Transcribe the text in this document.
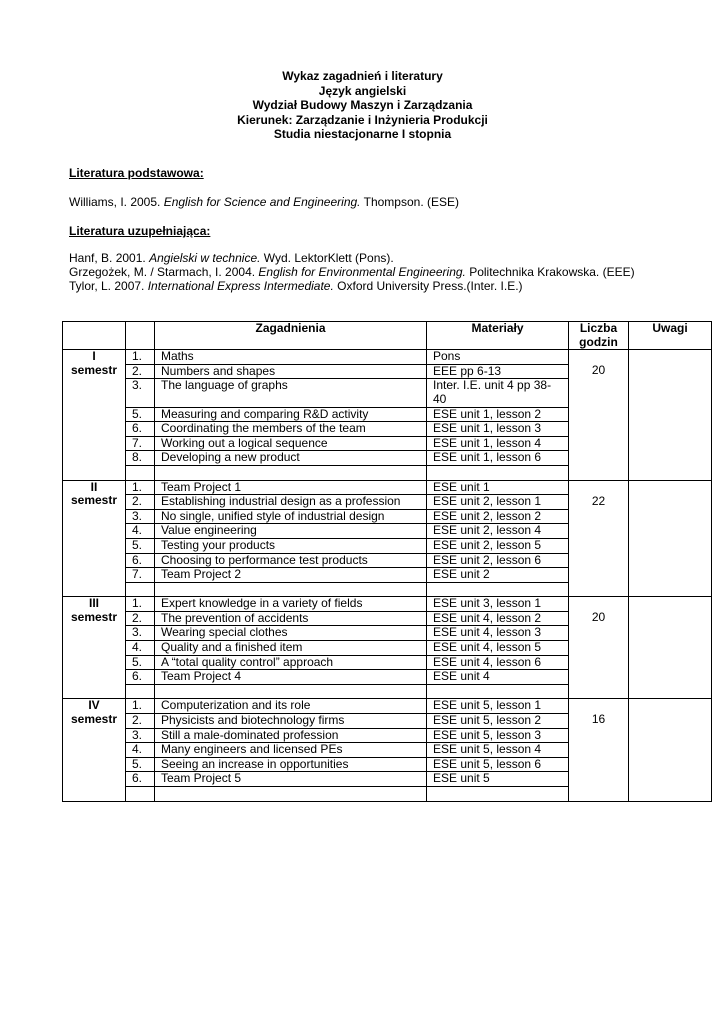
Wykaz zagadnień i literatury
Język angielski
Wydział Budowy Maszyn i Zarządzania
Kierunek: Zarządzanie i Inżynieria Produkcji
Studia niestacjonarne I stopnia
Literatura podstawowa:
Williams, I. 2005. English for Science and Engineering. Thompson. (ESE)
Literatura uzupełniająca:
Hanf, B. 2001. Angielski w technice. Wyd. LektorKlett (Pons).
Grzegożek, M. / Starmach, I. 2004. English for Environmental Engineering. Politechnika Krakowska. (EEE)
Tylor, L. 2007. International Express Intermediate. Oxford University Press.(Inter. I.E.)
		Zagadnienia	Materiały	Liczba godzin	Uwagi

I
semestr	1.	Maths	Pons	20	

	2.	Numbers and shapes	EEE pp 6-13		
	3.	The language of graphs	Inter. I.E. unit 4 pp 38-40		
	5.	Measuring and comparing R&D activity	ESE unit 1, lesson 2		
	6.	Coordinating the members of the team	ESE unit 1, lesson 3		
	7.	Working out a logical sequence	ESE unit 1, lesson 4		
	8.	Developing a new product	ESE unit 1, lesson 6		

II
semestr	1.	Team Project 1	ESE unit 1	22	

	2.	Establishing industrial design as a profession	ESE unit 2, lesson 1		
	3.	No single, unified style of industrial design	ESE unit 2, lesson 2		
	4.	Value engineering	ESE unit 2, lesson 4		
	5.	Testing your products	ESE unit 2, lesson 5		
	6.	Choosing to performance test products	ESE unit 2, lesson 6		
	7.	Team Project 2	ESE unit 2		

III
semestr	1.	Expert knowledge in a variety of fields	ESE unit 3, lesson 1	20	

	2.	The prevention of accidents	ESE unit 4, lesson 2		
	3.	Wearing special clothes	ESE unit 4, lesson 3		
	4.	Quality and a finished item	ESE unit 4, lesson 5		
	5.	A “total quality control” approach	ESE unit 4, lesson 6		
	6.	Team Project 4	ESE unit 4		

IV
semestr	1.	Computerization and its role	ESE unit 5, lesson 1	16	

	2.	Physicists and biotechnology firms	ESE unit 5, lesson 2		
	3.	Still a male-dominated profession	ESE unit 5, lesson 3		
	4.	Many engineers and licensed PEs	ESE unit 5, lesson 4		
	5.	Seeing an increase in opportunities	ESE unit 5, lesson 6		
	6.	Team Project 5	ESE unit 5		
